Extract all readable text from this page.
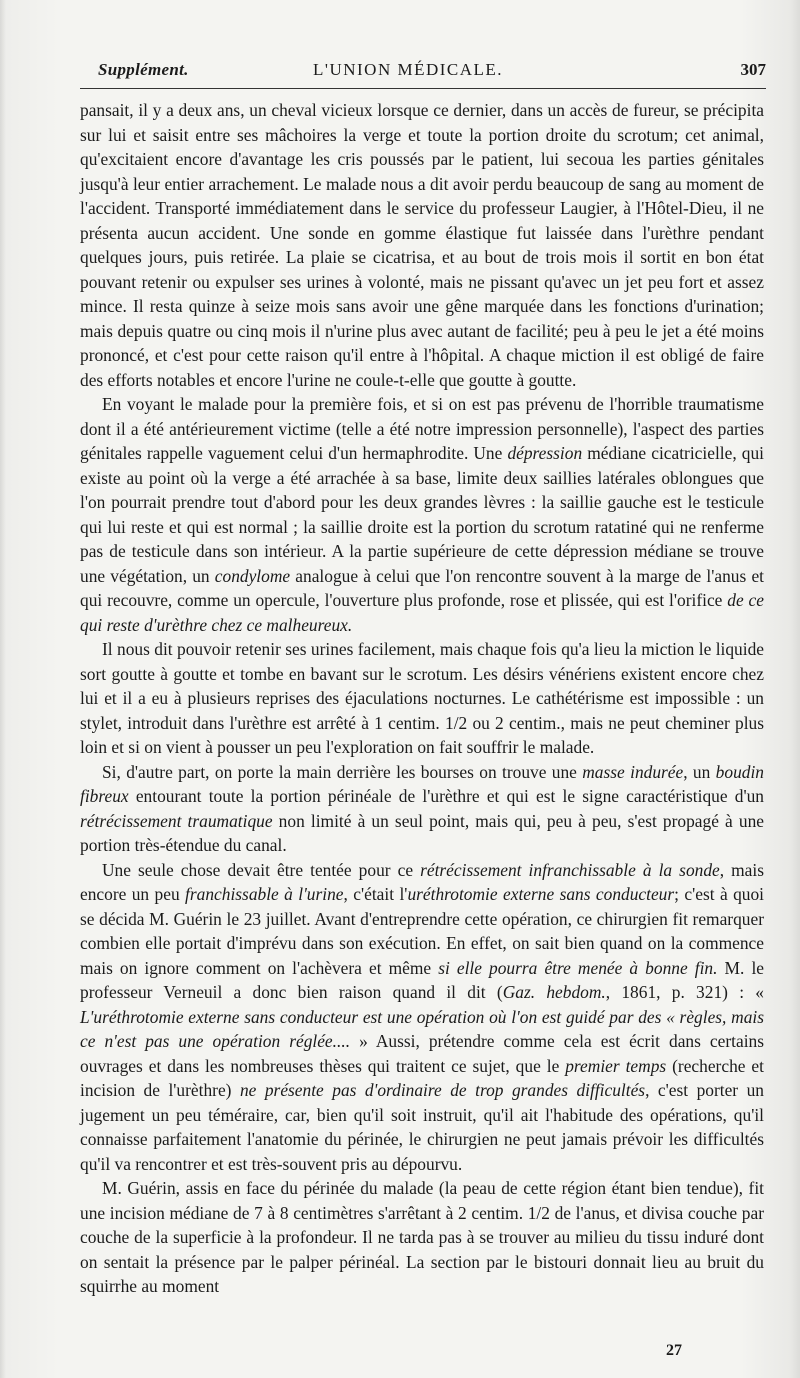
Supplément.	L'UNION MÉDICALE.	307

pansait, il y a deux ans, un cheval vicieux lorsque ce dernier, dans un accès de fureur, se précipita sur lui et saisit entre ses mâchoires la verge et toute la portion droite du scrotum; cet animal, qu'excitaient encore d'avantage les cris poussés par le patient, lui secoua les parties génitales jusqu'à leur entier arrachement. Le malade nous a dit avoir perdu beaucoup de sang au moment de l'accident. Transporté immédiatement dans le service du professeur Laugier, à l'Hôtel-Dieu, il ne présenta aucun accident. Une sonde en gomme élastique fut laissée dans l'urèthre pendant quelques jours, puis retirée. La plaie se cicatrisa, et au bout de trois mois il sortit en bon état pouvant retenir ou expulser ses urines à volonté, mais ne pissant qu'avec un jet peu fort et assez mince. Il resta quinze à seize mois sans avoir une gêne marquée dans les fonctions d'urination; mais depuis quatre ou cinq mois il n'urine plus avec autant de facilité; peu à peu le jet a été moins prononcé, et c'est pour cette raison qu'il entre à l'hôpital. A chaque miction il est obligé de faire des efforts notables et encore l'urine ne coule-t-elle que goutte à goutte.

En voyant le malade pour la première fois, et si on est pas prévenu de l'horrible traumatisme dont il a été antérieurement victime (telle a été notre impression personnelle), l'aspect des parties génitales rappelle vaguement celui d'un hermaphrodite. Une dépression médiane cicatricielle, qui existe au point où la verge a été arrachée à sa base, limite deux saillies latérales oblongues que l'on pourrait prendre tout d'abord pour les deux grandes lèvres : la saillie gauche est le testicule qui lui reste et qui est normal ; la saillie droite est la portion du scrotum ratatiné qui ne renferme pas de testicule dans son intérieur. A la partie supérieure de cette dépression médiane se trouve une végétation, un condylome analogue à celui que l'on rencontre souvent à la marge de l'anus et qui recouvre, comme un opercule, l'ouverture plus profonde, rose et plissée, qui est l'orifice de ce qui reste d'urèthre chez ce malheureux.

Il nous dit pouvoir retenir ses urines facilement, mais chaque fois qu'a lieu la miction le liquide sort goutte à goutte et tombe en bavant sur le scrotum. Les désirs vénériens existent encore chez lui et il a eu à plusieurs reprises des éjaculations nocturnes. Le cathétérisme est impossible : un stylet, introduit dans l'urèthre est arrêté à 1 centim. 1/2 ou 2 centim., mais ne peut cheminer plus loin et si on vient à pousser un peu l'exploration on fait souffrir le malade.

Si, d'autre part, on porte la main derrière les bourses on trouve une masse indurée, un boudin fibreux entourant toute la portion périnéale de l'urèthre et qui est le signe caractéristique d'un rétrécissement traumatique non limité à un seul point, mais qui, peu à peu, s'est propagé à une portion très-étendue du canal.

Une seule chose devait être tentée pour ce rétrécissement infranchissable à la sonde, mais encore un peu franchissable à l'urine, c'était l'uréthrotomie externe sans conducteur; c'est à quoi se décida M. Guérin le 23 juillet. Avant d'entreprendre cette opération, ce chirurgien fit remarquer combien elle portait d'imprévu dans son exécution. En effet, on sait bien quand on la commence mais on ignore comment on l'achèvera et même si elle pourra être menée à bonne fin. M. le professeur Verneuil a donc bien raison quand il dit (Gaz. hebdom., 1861, p. 321) : « L'uréthrotomie externe sans conducteur est une opération où l'on est guidé par des « règles, mais ce n'est pas une opération réglée.... » Aussi, prétendre comme cela est écrit dans certains ouvrages et dans les nombreuses thèses qui traitent ce sujet, que le premier temps (recherche et incision de l'urèthre) ne présente pas d'ordinaire de trop grandes difficultés, c'est porter un jugement un peu téméraire, car, bien qu'il soit instruit, qu'il ait l'habitude des opérations, qu'il connaisse parfaitement l'anatomie du périnée, le chirurgien ne peut jamais prévoir les difficultés qu'il va rencontrer et est très-souvent pris au dépourvu.

M. Guérin, assis en face du périnée du malade (la peau de cette région étant bien tendue), fit une incision médiane de 7 à 8 centimètres s'arrêtant à 2 centim. 1/2 de l'anus, et divisa couche par couche de la superficie à la profondeur. Il ne tarda pas à se trouver au milieu du tissu induré dont on sentait la présence par le palper périnéal. La section par le bistouri donnait lieu au bruit du squirrhe au moment

27
